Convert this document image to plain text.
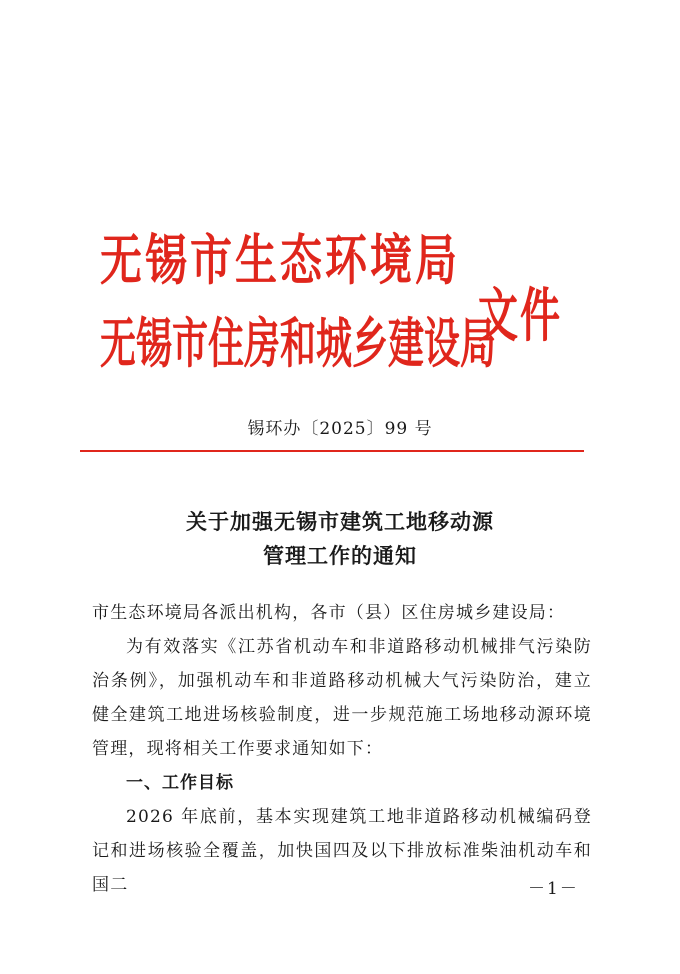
无锡市生态环境局
无锡市住房和城乡建设局
文件
锡环办〔2025〕99 号
关于加强无锡市建筑工地移动源
管理工作的通知
市生态环境局各派出机构，各市（县）区住房城乡建设局：
为有效落实《江苏省机动车和非道路移动机械排气污染防治条例》，加强机动车和非道路移动机械大气污染防治，建立健全建筑工地进场核验制度，进一步规范施工场地移动源环境管理，现将相关工作要求通知如下：
一、工作目标
2026 年底前，基本实现建筑工地非道路移动机械编码登记和进场核验全覆盖，加快国四及以下排放标准柴油机动车和国二	－1－
